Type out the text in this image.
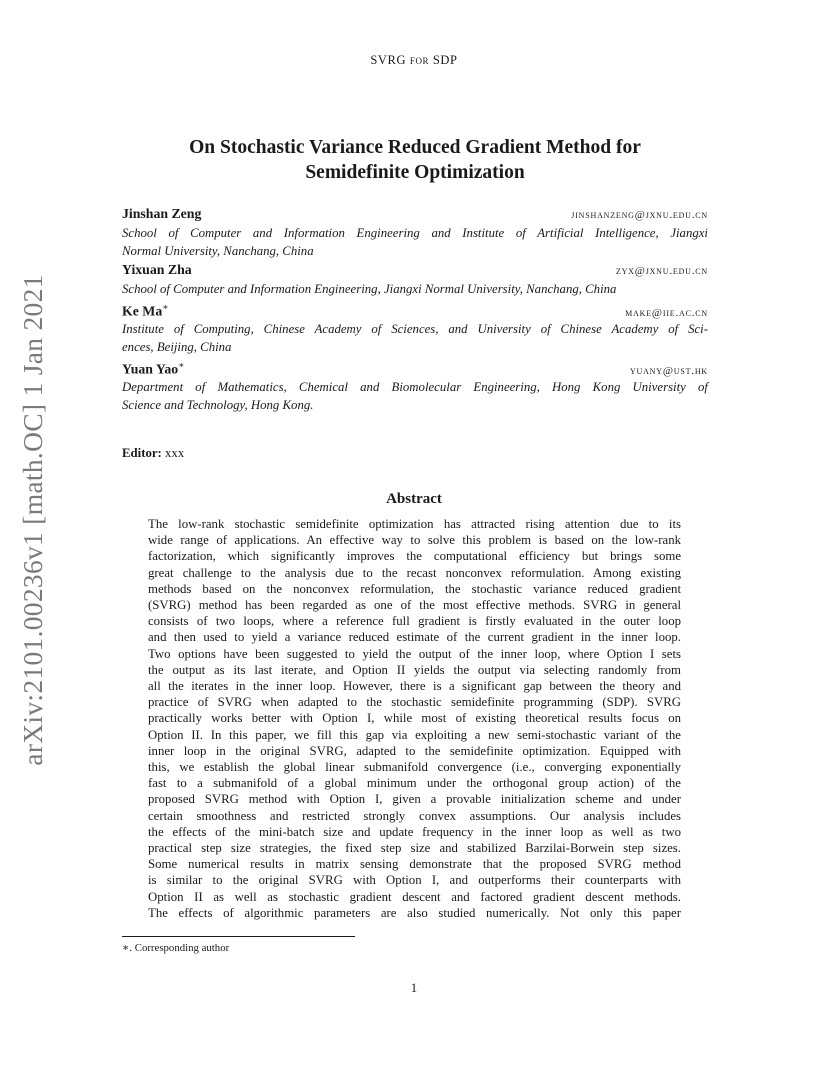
SVRG for SDP
arXiv:2101.00236v1 [math.OC] 1 Jan 2021
On Stochastic Variance Reduced Gradient Method for
Semidefinite Optimization
Jinshan Zeng	jinshanzeng@jxnu.edu.cn
School of Computer and Information Engineering and Institute of Artificial Intelligence, Jiangxi
Normal University, Nanchang, China
Yixuan Zha	zyx@jxnu.edu.cn
School of Computer and Information Engineering, Jiangxi Normal University, Nanchang, China
Ke Ma∗	make@iie.ac.cn
Institute of Computing, Chinese Academy of Sciences, and University of Chinese Academy of Sci-
ences, Beijing, China
Yuan Yao∗	yuany@ust.hk
Department of Mathematics, Chemical and Biomolecular Engineering, Hong Kong University of
Science and Technology, Hong Kong.
Editor: xxx
Abstract
The low-rank stochastic semidefinite optimization has attracted rising attention due to its
wide range of applications. An effective way to solve this problem is based on the low-rank
factorization, which significantly improves the computational efficiency but brings some
great challenge to the analysis due to the recast nonconvex reformulation. Among existing
methods based on the nonconvex reformulation, the stochastic variance reduced gradient
(SVRG) method has been regarded as one of the most effective methods. SVRG in general
consists of two loops, where a reference full gradient is firstly evaluated in the outer loop
and then used to yield a variance reduced estimate of the current gradient in the inner loop.
Two options have been suggested to yield the output of the inner loop, where Option I sets
the output as its last iterate, and Option II yields the output via selecting randomly from
all the iterates in the inner loop. However, there is a significant gap between the theory and
practice of SVRG when adapted to the stochastic semidefinite programming (SDP). SVRG
practically works better with Option I, while most of existing theoretical results focus on
Option II. In this paper, we fill this gap via exploiting a new semi-stochastic variant of the
inner loop in the original SVRG, adapted to the semidefinite optimization. Equipped with
this, we establish the global linear submanifold convergence (i.e., converging exponentially
fast to a submanifold of a global minimum under the orthogonal group action) of the
proposed SVRG method with Option I, given a provable initialization scheme and under
certain smoothness and restricted strongly convex assumptions. Our analysis includes
the effects of the mini-batch size and update frequency in the inner loop as well as two
practical step size strategies, the fixed step size and stabilized Barzilai-Borwein step sizes.
Some numerical results in matrix sensing demonstrate that the proposed SVRG method
is similar to the original SVRG with Option I, and outperforms their counterparts with
Option II as well as stochastic gradient descent and factored gradient descent methods.
The effects of algorithmic parameters are also studied numerically. Not only this paper
∗. Corresponding author
1
